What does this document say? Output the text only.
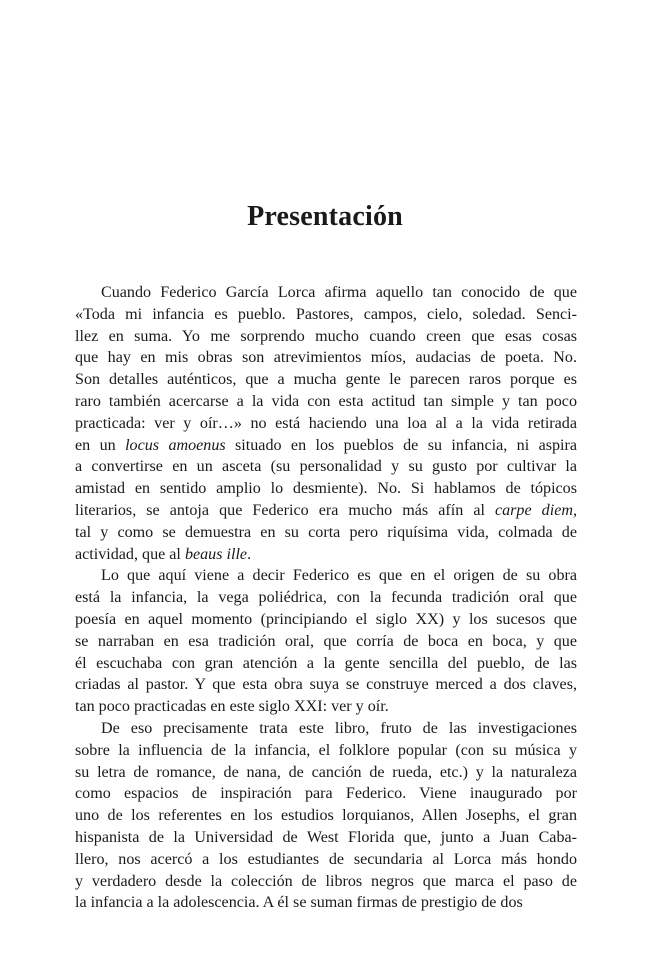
Presentación
Cuando Federico García Lorca afirma aquello tan conocido de que
«Toda mi infancia es pueblo. Pastores, campos, cielo, soledad. Senci-
llez en suma. Yo me sorprendo mucho cuando creen que esas cosas
que hay en mis obras son atrevimientos míos, audacias de poeta. No.
Son detalles auténticos, que a mucha gente le parecen raros porque es
raro también acercarse a la vida con esta actitud tan simple y tan poco
practicada: ver y oír…» no está haciendo una loa al a la vida retirada
en un locus amoenus situado en los pueblos de su infancia, ni aspira
a convertirse en un asceta (su personalidad y su gusto por cultivar la
amistad en sentido amplio lo desmiente). No. Si hablamos de tópicos
literarios, se antoja que Federico era mucho más afín al carpe diem,
tal y como se demuestra en su corta pero riquísima vida, colmada de
actividad, que al beaus ille.
Lo que aquí viene a decir Federico es que en el origen de su obra
está la infancia, la vega poliédrica, con la fecunda tradición oral que
poesía en aquel momento (principiando el siglo XX) y los sucesos que
se narraban en esa tradición oral, que corría de boca en boca, y que
él escuchaba con gran atención a la gente sencilla del pueblo, de las
criadas al pastor. Y que esta obra suya se construye merced a dos claves,
tan poco practicadas en este siglo XXI: ver y oír.
De eso precisamente trata este libro, fruto de las investigaciones
sobre la influencia de la infancia, el folklore popular (con su música y
su letra de romance, de nana, de canción de rueda, etc.) y la naturaleza
como espacios de inspiración para Federico. Viene inaugurado por
uno de los referentes en los estudios lorquianos, Allen Josephs, el gran
hispanista de la Universidad de West Florida que, junto a Juan Caba-
llero, nos acercó a los estudiantes de secundaria al Lorca más hondo
y verdadero desde la colección de libros negros que marca el paso de
la infancia a la adolescencia. A él se suman firmas de prestigio de dos
